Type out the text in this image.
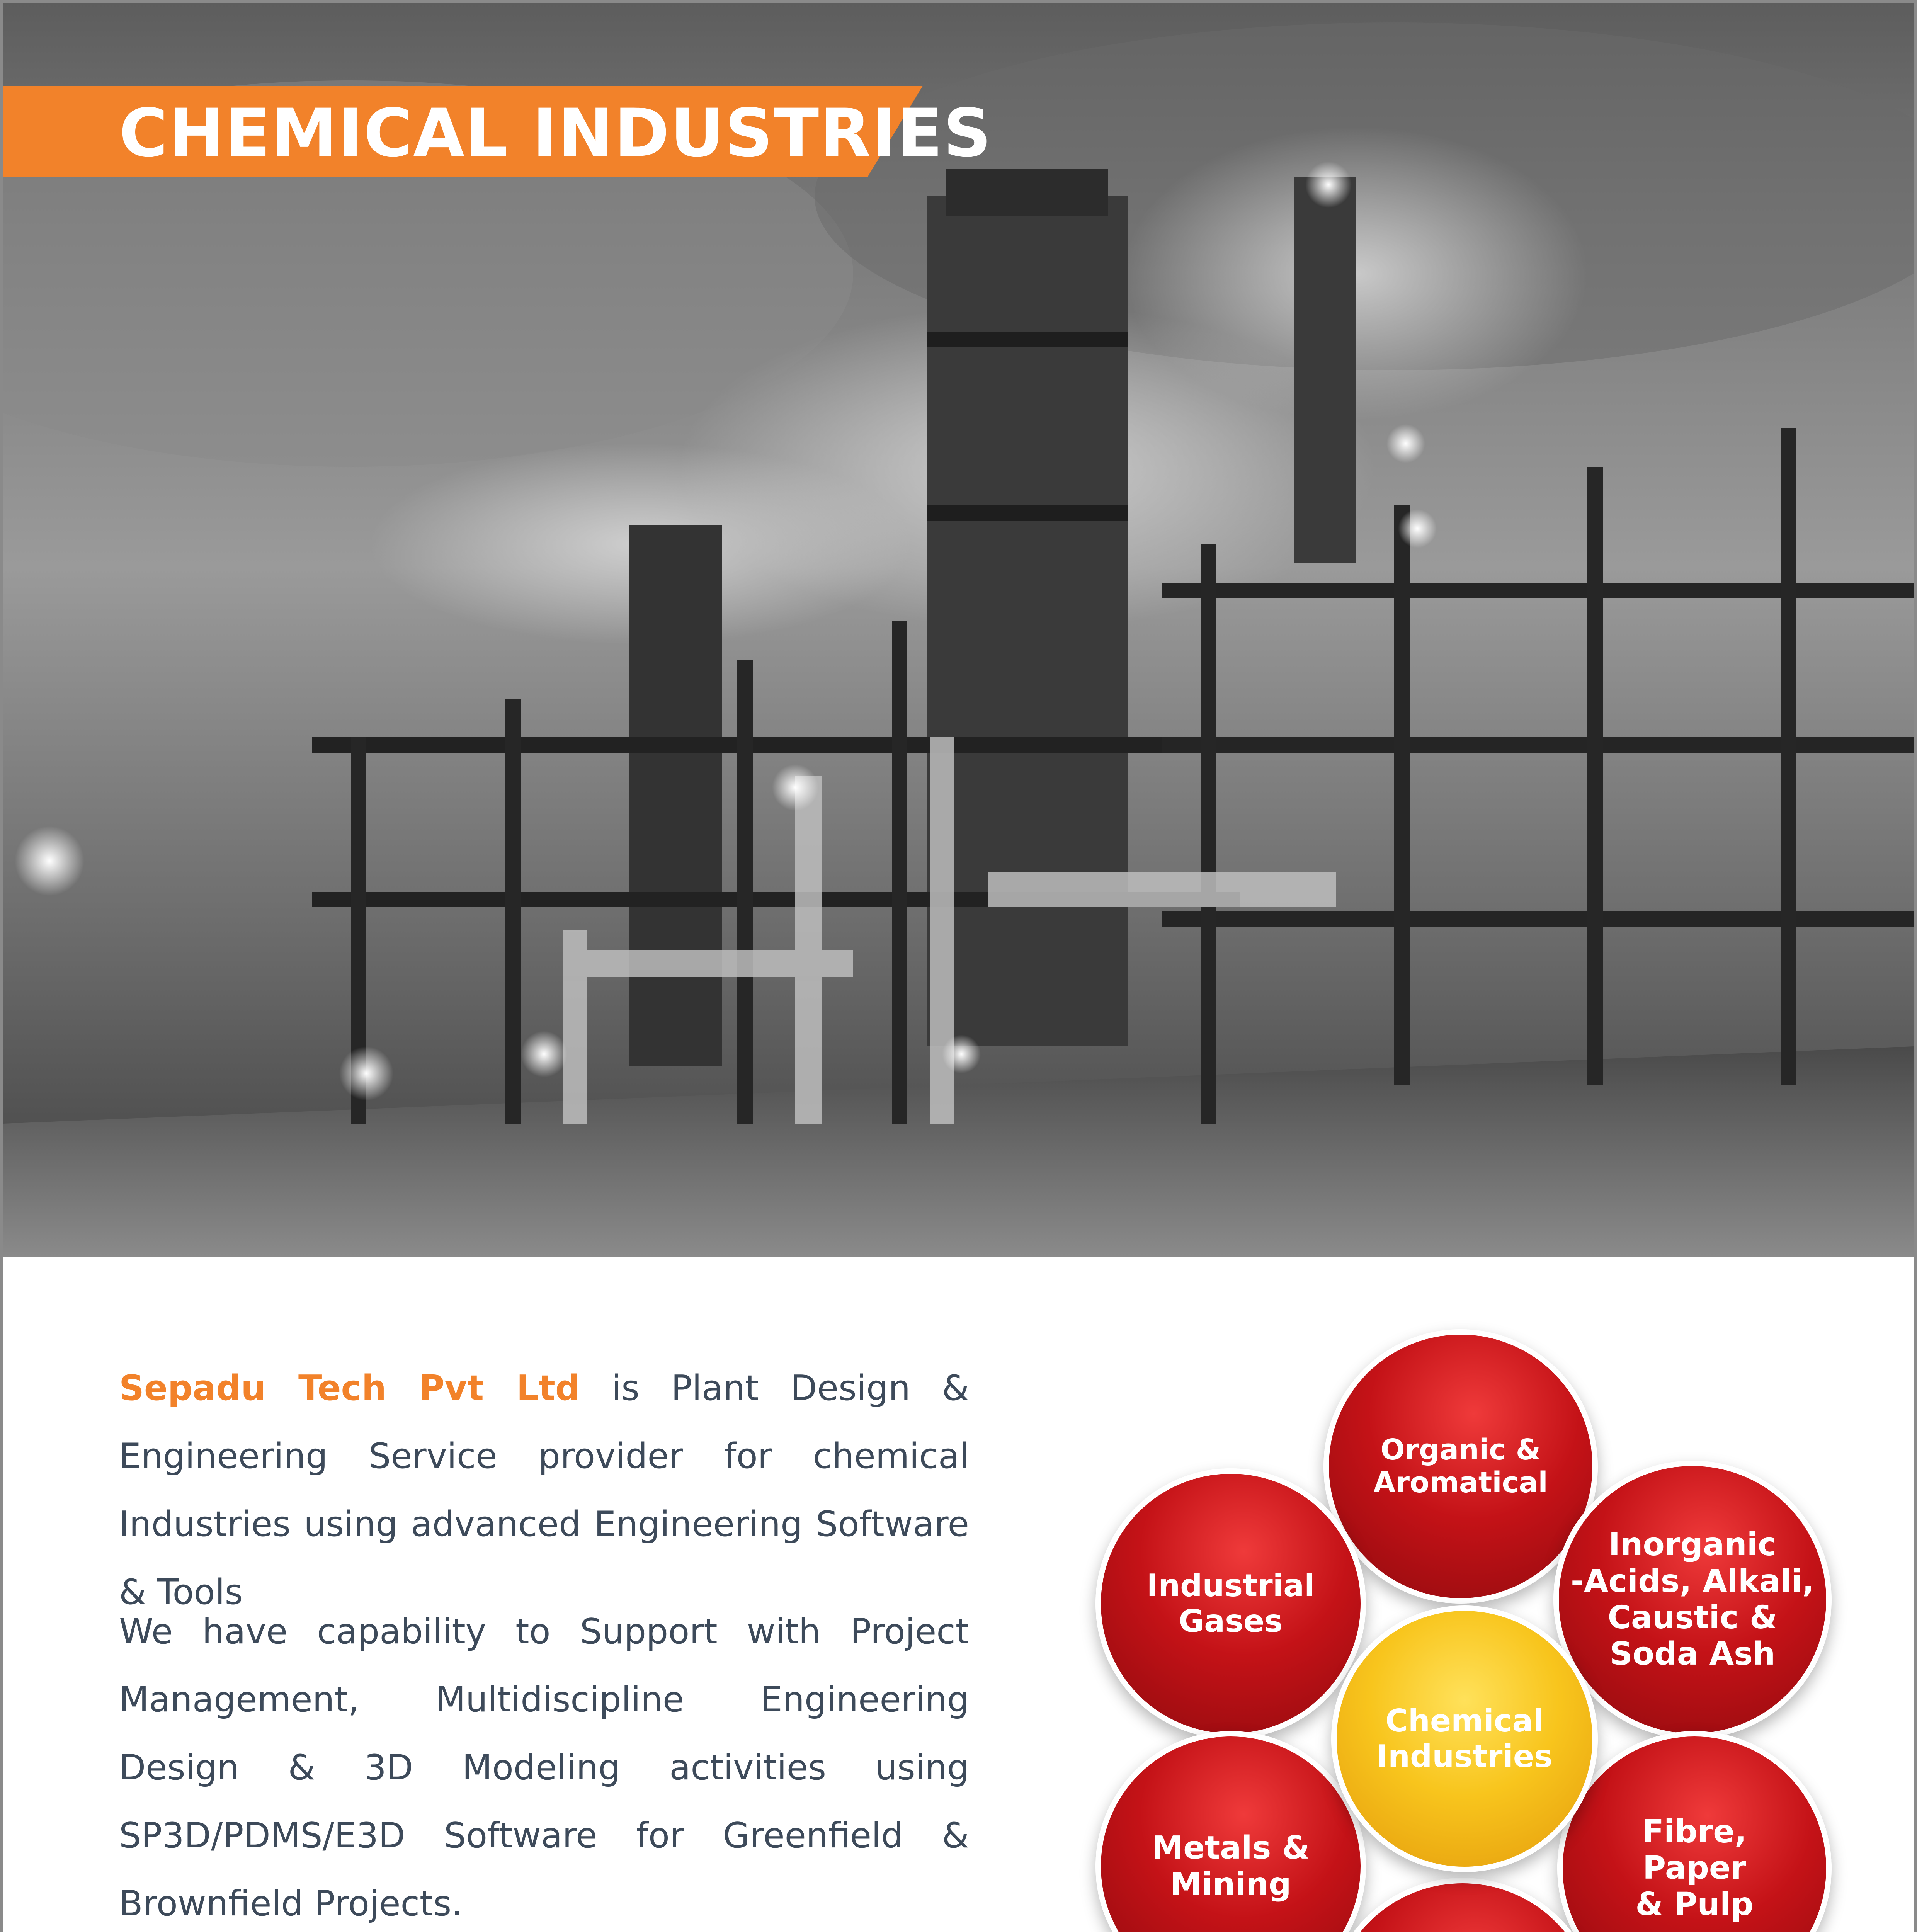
CHEMICAL INDUSTRIES
Sepadu Tech Pvt Ltd is Plant Design & Engineering Service provider for chemical Industries using advanced Engineering Software & Tools
We have capability to Support with Project Management, Multidiscipline Engineering Design & 3D Modeling activities using SP3D/PDMS/E3D Software for Greenfield & Brownfield Projects.
Organic &
Aromatical
Industrial
Gases
Inorganic
-Acids, Alkali,
Caustic &
Soda Ash
Metals &
Mining
Fibre,
Paper
& Pulp
Chemical
Industries
